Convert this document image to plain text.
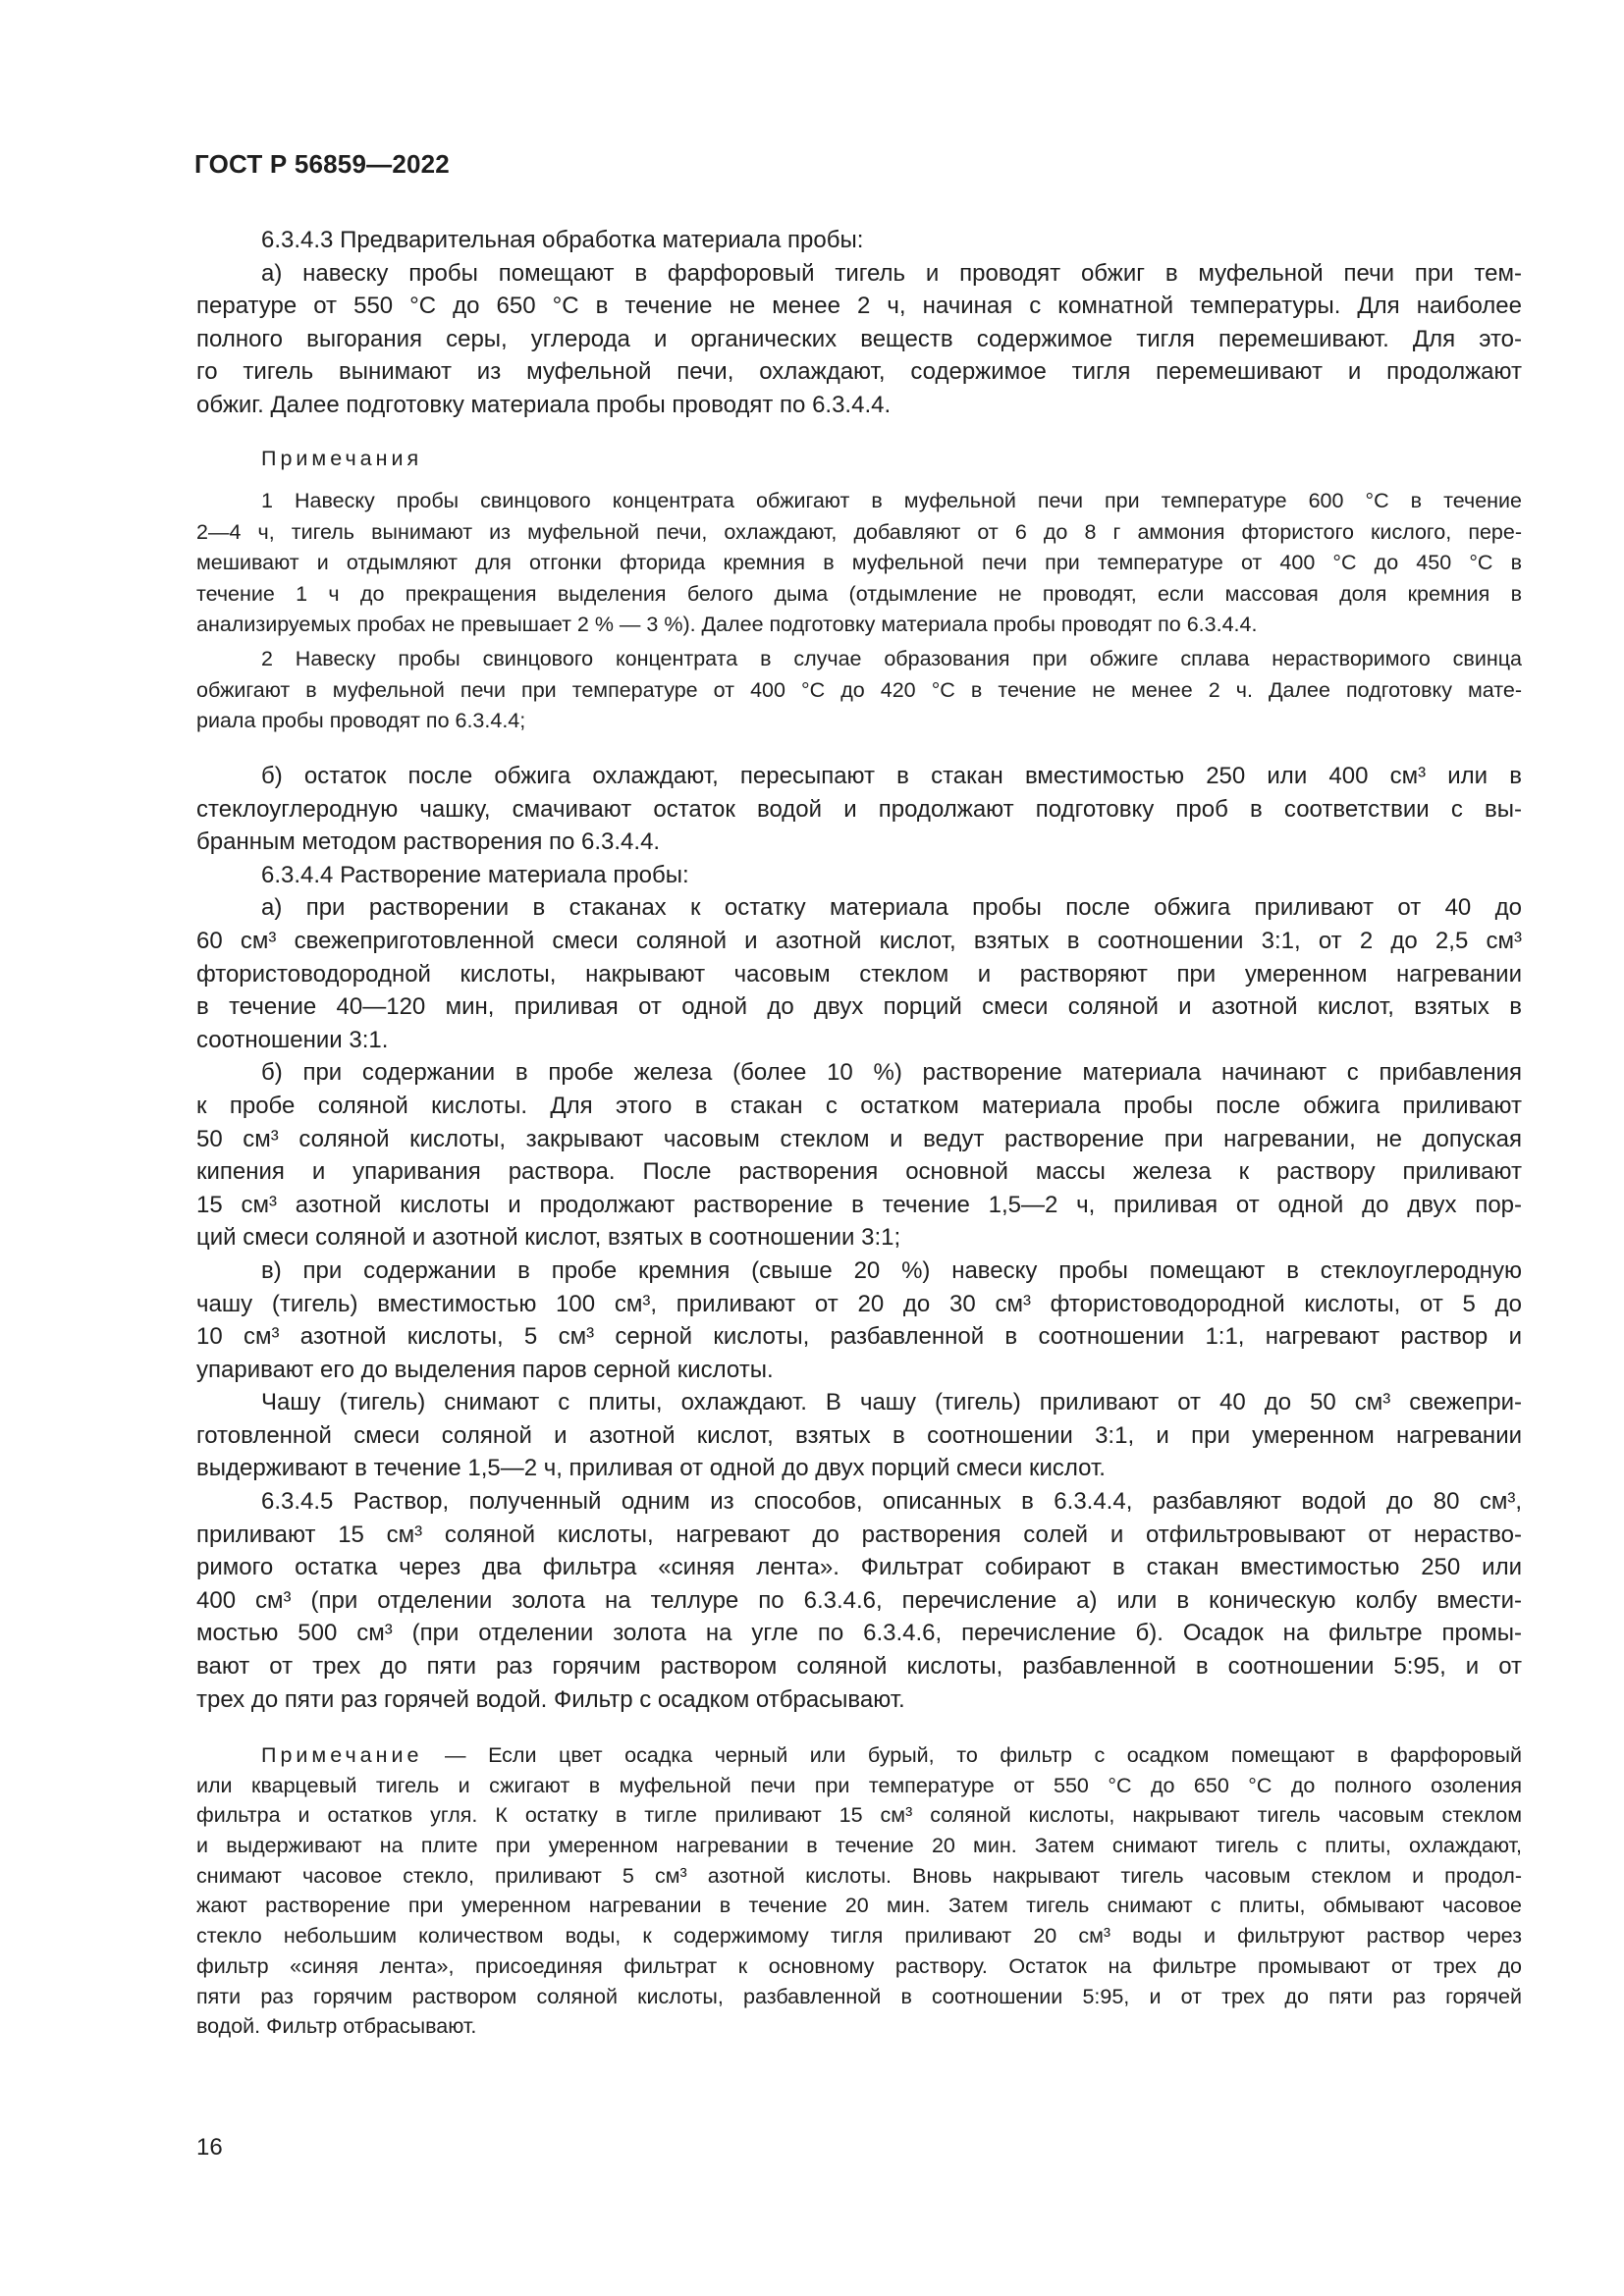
ГОСТ Р 56859—2022
6.3.4.3 Предварительная обработка материала пробы:
а) навеску пробы помещают в фарфоровый тигель и проводят обжиг в муфельной печи при тем-
пературе от 550 °С до 650 °С в течение не менее 2 ч, начиная с комнатной температуры. Для наиболее
полного выгорания серы, углерода и органических веществ содержимое тигля перемешивают. Для это-
го тигель вынимают из муфельной печи, охлаждают, содержимое тигля перемешивают и продолжают
обжиг. Далее подготовку материала пробы проводят по 6.3.4.4.
Примечания
1 Навеску пробы свинцового концентрата обжигают в муфельной печи при температуре 600 °С в течение
2—4 ч, тигель вынимают из муфельной печи, охлаждают, добавляют от 6 до 8 г аммония фтористого кислого, пере-
мешивают и отдымляют для отгонки фторида кремния в муфельной печи при температуре от 400 °С до 450 °С в
течение 1 ч до прекращения выделения белого дыма (отдымление не проводят, если массовая доля кремния в
анализируемых пробах не превышает 2 % — 3 %). Далее подготовку материала пробы проводят по 6.3.4.4.
2 Навеску пробы свинцового концентрата в случае образования при обжиге сплава нерастворимого свинца
обжигают в муфельной печи при температуре от 400 °С до 420 °С в течение не менее 2 ч. Далее подготовку мате-
риала пробы проводят по 6.3.4.4;
б) остаток после обжига охлаждают, пересыпают в стакан вместимостью 250 или 400 см³ или в
стеклоуглеродную чашку, смачивают остаток водой и продолжают подготовку проб в соответствии с вы-
бранным методом растворения по 6.3.4.4.
6.3.4.4 Растворение материала пробы:
а) при растворении в стаканах к остатку материала пробы после обжига приливают от 40 до
60 см³ свежеприготовленной смеси соляной и азотной кислот, взятых в соотношении 3:1, от 2 до 2,5 см³
фтористоводородной кислоты, накрывают часовым стеклом и растворяют при умеренном нагревании
в течение 40—120 мин, приливая от одной до двух порций смеси соляной и азотной кислот, взятых в
соотношении 3:1.
б) при содержании в пробе железа (более 10 %) растворение материала начинают с прибавления
к пробе соляной кислоты. Для этого в стакан с остатком материала пробы после обжига приливают
50 см³ соляной кислоты, закрывают часовым стеклом и ведут растворение при нагревании, не допуская
кипения и упаривания раствора. После растворения основной массы железа к раствору приливают
15 см³ азотной кислоты и продолжают растворение в течение 1,5—2 ч, приливая от одной до двух пор-
ций смеси соляной и азотной кислот, взятых в соотношении 3:1;
в) при содержании в пробе кремния (свыше 20 %) навеску пробы помещают в стеклоуглеродную
чашу (тигель) вместимостью 100 см³, приливают от 20 до 30 см³ фтористоводородной кислоты, от 5 до
10 см³ азотной кислоты, 5 см³ серной кислоты, разбавленной в соотношении 1:1, нагревают раствор и
упаривают его до выделения паров серной кислоты.
Чашу (тигель) снимают с плиты, охлаждают. В чашу (тигель) приливают от 40 до 50 см³ свежепри-
готовленной смеси соляной и азотной кислот, взятых в соотношении 3:1, и при умеренном нагревании
выдерживают в течение 1,5—2 ч, приливая от одной до двух порций смеси кислот.
6.3.4.5 Раствор, полученный одним из способов, описанных в 6.3.4.4, разбавляют водой до 80 см³,
приливают 15 см³ соляной кислоты, нагревают до растворения солей и отфильтровывают от нераство-
римого остатка через два фильтра «синяя лента». Фильтрат собирают в стакан вместимостью 250 или
400 см³ (при отделении золота на теллуре по 6.3.4.6, перечисление а) или в коническую колбу вмести-
мостью 500 см³ (при отделении золота на угле по 6.3.4.6, перечисление б). Осадок на фильтре промы-
вают от трех до пяти раз горячим раствором соляной кислоты, разбавленной в соотношении 5:95, и от
трех до пяти раз горячей водой. Фильтр с осадком отбрасывают.
Примечание — Если цвет осадка черный или бурый, то фильтр с осадком помещают в фарфоровый
или кварцевый тигель и сжигают в муфельной печи при температуре от 550 °С до 650 °С до полного озоления
фильтра и остатков угля. К остатку в тигле приливают 15 см³ соляной кислоты, накрывают тигель часовым стеклом
и выдерживают на плите при умеренном нагревании в течение 20 мин. Затем снимают тигель с плиты, охлаждают,
снимают часовое стекло, приливают 5 см³ азотной кислоты. Вновь накрывают тигель часовым стеклом и продол-
жают растворение при умеренном нагревании в течение 20 мин. Затем тигель снимают с плиты, обмывают часовое
стекло небольшим количеством воды, к содержимому тигля приливают 20 см³ воды и фильтруют раствор через
фильтр «синяя лента», присоединяя фильтрат к основному раствору. Остаток на фильтре промывают от трех до
пяти раз горячим раствором соляной кислоты, разбавленной в соотношении 5:95, и от трех до пяти раз горячей
водой. Фильтр отбрасывают.
16
